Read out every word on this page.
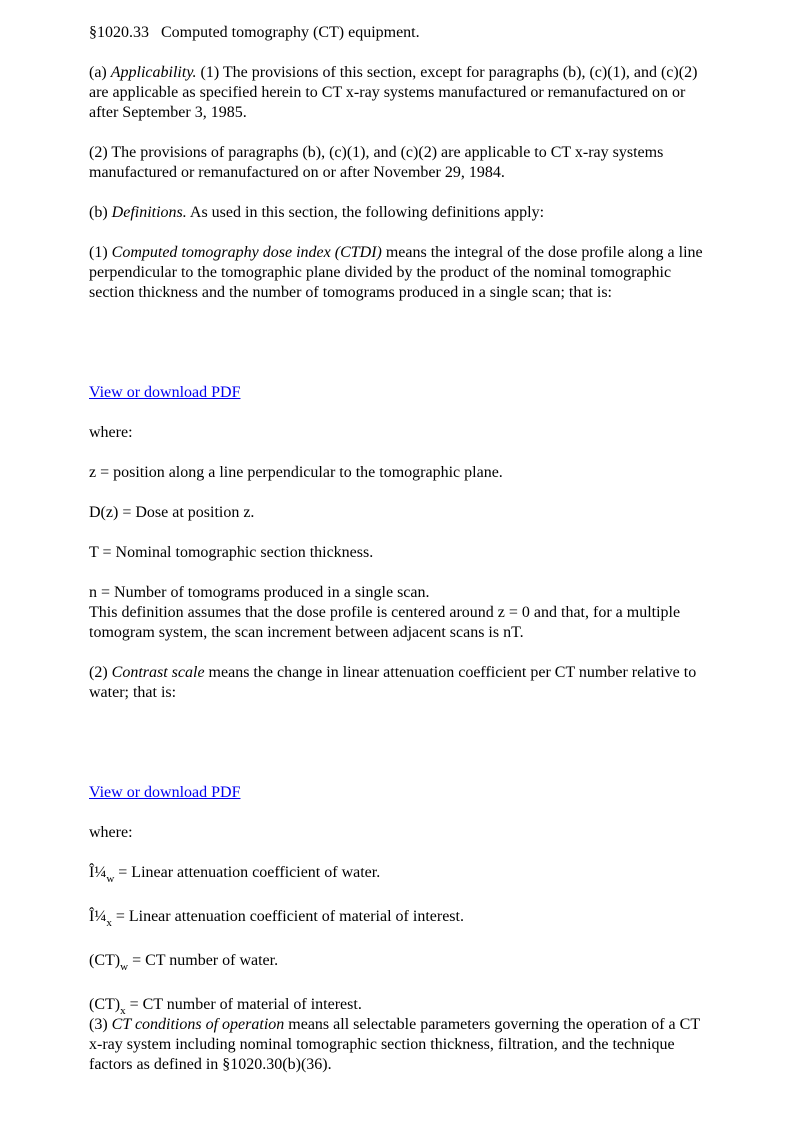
§1020.33 Computed tomography (CT) equipment.

(a) Applicability. (1) The provisions of this section, except for paragraphs (b), (c)(1), and (c)(2) are applicable as specified herein to CT x-ray systems manufactured or remanufactured on or after September 3, 1985.

(2) The provisions of paragraphs (b), (c)(1), and (c)(2) are applicable to CT x-ray systems manufactured or remanufactured on or after November 29, 1984.

(b) Definitions. As used in this section, the following definitions apply:

(1) Computed tomography dose index (CTDI) means the integral of the dose profile along a line perpendicular to the tomographic plane divided by the product of the nominal tomographic section thickness and the number of tomograms produced in a single scan; that is:

View or download PDF

where:

z = position along a line perpendicular to the tomographic plane.

D(z) = Dose at position z.

T = Nominal tomographic section thickness.

n = Number of tomograms produced in a single scan.

This definition assumes that the dose profile is centered around z = 0 and that, for a multiple tomogram system, the scan increment between adjacent scans is nT.

(2) Contrast scale means the change in linear attenuation coefficient per CT number relative to water; that is:

View or download PDF

where:

$Î\frac{1}{4}_w$ = Linear attenuation coefficient of water.

$Î\frac{1}{4}_x$ = Linear attenuation coefficient of material of interest.

$(CT)_w$ = CT number of water.

$(CT)_x$ = CT number of material of interest.

(3) CT conditions of operation means all selectable parameters governing the operation of a CT x-ray system including nominal tomographic section thickness, filtration, and the technique factors as defined in §1020.30(b)(36).
